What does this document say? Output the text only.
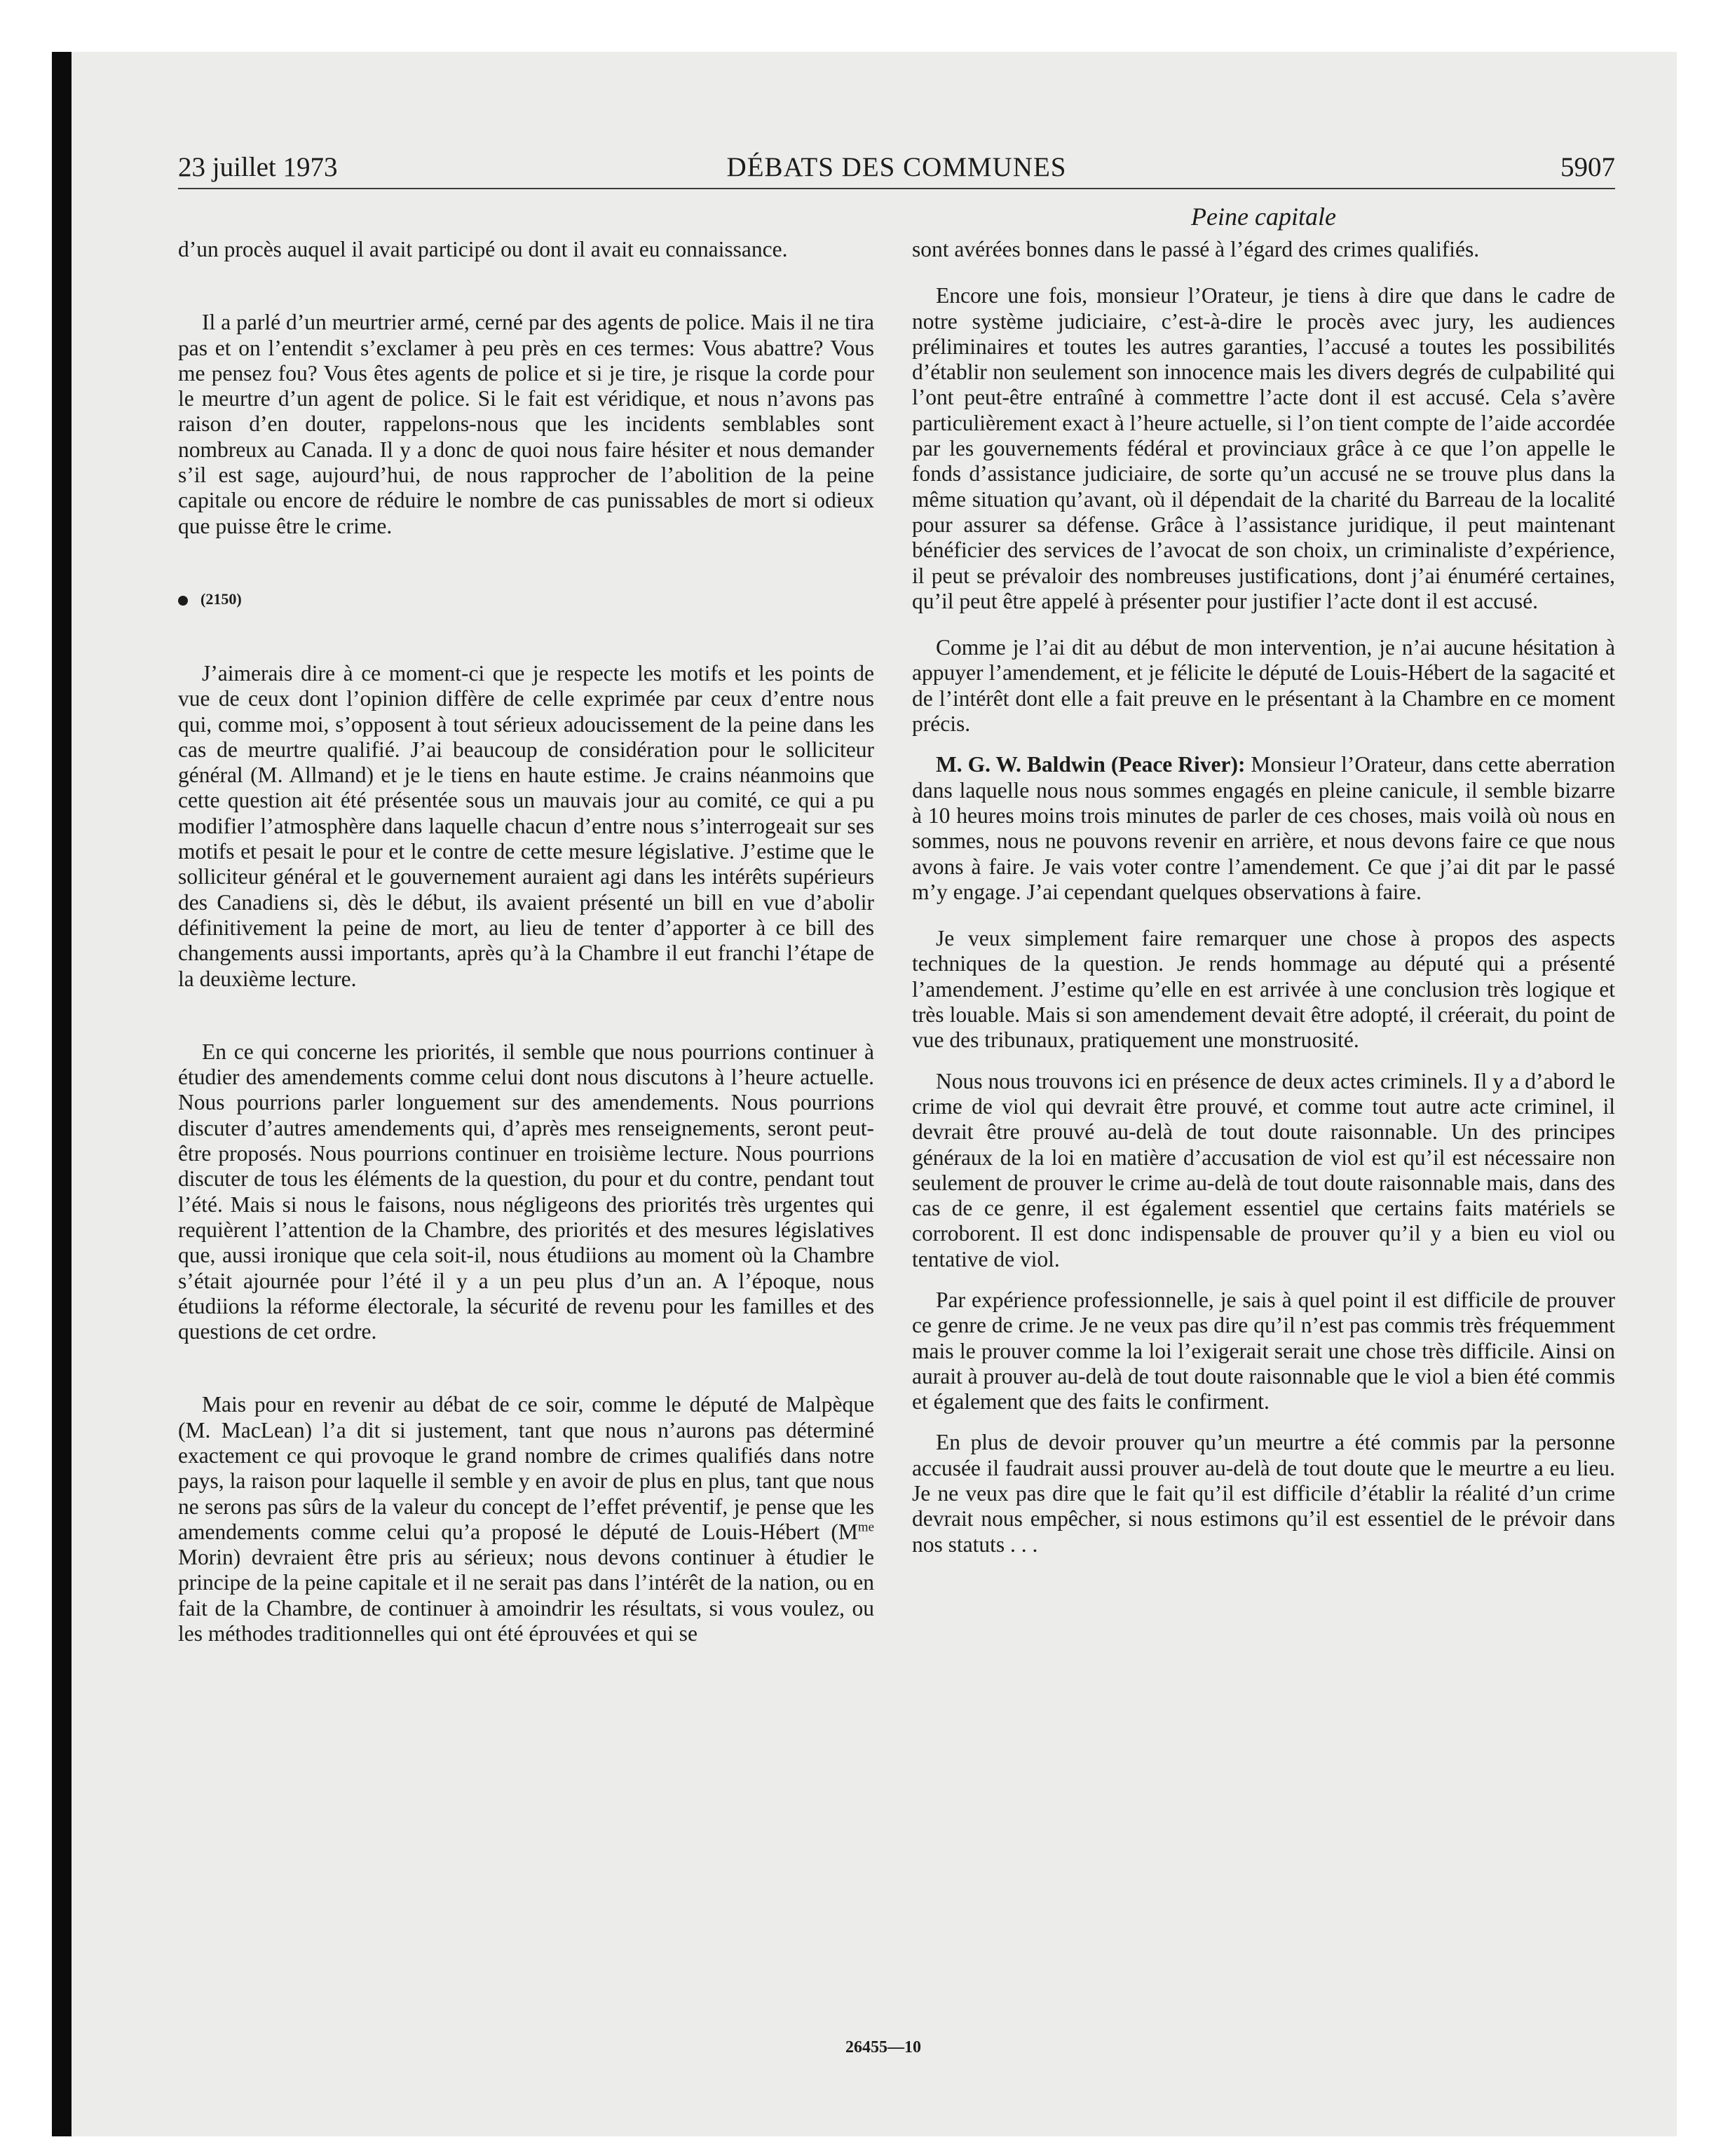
23 juillet 1973	DÉBATS DES COMMUNES	5907
Peine capitale

d’un procès auquel il avait participé ou dont il avait eu connaissance.

Il a parlé d’un meurtrier armé, cerné par des agents de police. Mais il ne tira pas et on l’entendit s’exclamer à peu près en ces termes: Vous abattre? Vous me pensez fou? Vous êtes agents de police et si je tire, je risque la corde pour le meurtre d’un agent de police. Si le fait est véridique, et nous n’avons pas raison d’en douter, rappelons-nous que les incidents semblables sont nombreux au Canada. Il y a donc de quoi nous faire hésiter et nous demander s’il est sage, aujourd’hui, de nous rapprocher de l’abolition de la peine capitale ou encore de réduire le nombre de cas punissables de mort si odieux que puisse être le crime.

(2150)

J’aimerais dire à ce moment-ci que je respecte les motifs et les points de vue de ceux dont l’opinion diffère de celle exprimée par ceux d’entre nous qui, comme moi, s’opposent à tout sérieux adoucissement de la peine dans les cas de meurtre qualifié. J’ai beaucoup de considération pour le solliciteur général (M. Allmand) et je le tiens en haute estime. Je crains néanmoins que cette question ait été présentée sous un mauvais jour au comité, ce qui a pu modifier l’atmosphère dans laquelle chacun d’entre nous s’interrogeait sur ses motifs et pesait le pour et le contre de cette mesure législative. J’estime que le solliciteur général et le gouvernement auraient agi dans les intérêts supérieurs des Canadiens si, dès le début, ils avaient présenté un bill en vue d’abolir définitivement la peine de mort, au lieu de tenter d’apporter à ce bill des changements aussi importants, après qu’à la Chambre il eut franchi l’étape de la deuxième lecture.

En ce qui concerne les priorités, il semble que nous pourrions continuer à étudier des amendements comme celui dont nous discutons à l’heure actuelle. Nous pourrions parler longuement sur des amendements. Nous pourrions discuter d’autres amendements qui, d’après mes renseignements, seront peut-être proposés. Nous pourrions continuer en troisième lecture. Nous pourrions discuter de tous les éléments de la question, du pour et du contre, pendant tout l’été. Mais si nous le faisons, nous négligeons des priorités très urgentes qui requièrent l’attention de la Chambre, des priorités et des mesures législatives que, aussi ironique que cela soit-il, nous étudiions au moment où la Chambre s’était ajournée pour l’été il y a un peu plus d’un an. A l’époque, nous étudiions la réforme électorale, la sécurité de revenu pour les familles et des questions de cet ordre.

Mais pour en revenir au débat de ce soir, comme le député de Malpèque (M. MacLean) l’a dit si justement, tant que nous n’aurons pas déterminé exactement ce qui provoque le grand nombre de crimes qualifiés dans notre pays, la raison pour laquelle il semble y en avoir de plus en plus, tant que nous ne serons pas sûrs de la valeur du concept de l’effet préventif, je pense que les amendements comme celui qu’a proposé le député de Louis-Hébert ($M^{me}$ Morin) devraient être pris au sérieux; nous devons continuer à étudier le principe de la peine capitale et il ne serait pas dans l’intérêt de la nation, ou en fait de la Chambre, de continuer à amoindrir les résultats, si vous voulez, ou les méthodes traditionnelles qui ont été éprouvées et qui se

sont avérées bonnes dans le passé à l’égard des crimes qualifiés.

Encore une fois, monsieur l’Orateur, je tiens à dire que dans le cadre de notre système judiciaire, c’est-à-dire le procès avec jury, les audiences préliminaires et toutes les autres garanties, l’accusé a toutes les possibilités d’établir non seulement son innocence mais les divers degrés de culpabilité qui l’ont peut-être entraîné à commettre l’acte dont il est accusé. Cela s’avère particulièrement exact à l’heure actuelle, si l’on tient compte de l’aide accordée par les gouvernements fédéral et provinciaux grâce à ce que l’on appelle le fonds d’assistance judiciaire, de sorte qu’un accusé ne se trouve plus dans la même situation qu’avant, où il dépendait de la charité du Barreau de la localité pour assurer sa défense. Grâce à l’assistance juridique, il peut maintenant bénéficier des services de l’avocat de son choix, un criminaliste d’expérience, il peut se prévaloir des nombreuses justifications, dont j’ai énuméré certaines, qu’il peut être appelé à présenter pour justifier l’acte dont il est accusé.

Comme je l’ai dit au début de mon intervention, je n’ai aucune hésitation à appuyer l’amendement, et je félicite le député de Louis-Hébert de la sagacité et de l’intérêt dont elle a fait preuve en le présentant à la Chambre en ce moment précis.

M. G. W. Baldwin (Peace River): Monsieur l’Orateur, dans cette aberration dans laquelle nous nous sommes engagés en pleine canicule, il semble bizarre à 10 heures moins trois minutes de parler de ces choses, mais voilà où nous en sommes, nous ne pouvons revenir en arrière, et nous devons faire ce que nous avons à faire. Je vais voter contre l’amendement. Ce que j’ai dit par le passé m’y engage. J’ai cependant quelques observations à faire.

Je veux simplement faire remarquer une chose à propos des aspects techniques de la question. Je rends hommage au député qui a présenté l’amendement. J’estime qu’elle en est arrivée à une conclusion très logique et très louable. Mais si son amendement devait être adopté, il créerait, du point de vue des tribunaux, pratiquement une monstruosité.

Nous nous trouvons ici en présence de deux actes criminels. Il y a d’abord le crime de viol qui devrait être prouvé, et comme tout autre acte criminel, il devrait être prouvé au-delà de tout doute raisonnable. Un des principes généraux de la loi en matière d’accusation de viol est qu’il est nécessaire non seulement de prouver le crime au-delà de tout doute raisonnable mais, dans des cas de ce genre, il est également essentiel que certains faits matériels se corroborent. Il est donc indispensable de prouver qu’il y a bien eu viol ou tentative de viol.

Par expérience professionnelle, je sais à quel point il est difficile de prouver ce genre de crime. Je ne veux pas dire qu’il n’est pas commis très fréquemment mais le prouver comme la loi l’exigerait serait une chose très difficile. Ainsi on aurait à prouver au-delà de tout doute raisonnable que le viol a bien été commis et également que des faits le confirment.

En plus de devoir prouver qu’un meurtre a été commis par la personne accusée il faudrait aussi prouver au-delà de tout doute que le meurtre a eu lieu. Je ne veux pas dire que le fait qu’il est difficile d’établir la réalité d’un crime devrait nous empêcher, si nous estimons qu’il est essentiel de le prévoir dans nos statuts . . .

26455—10
